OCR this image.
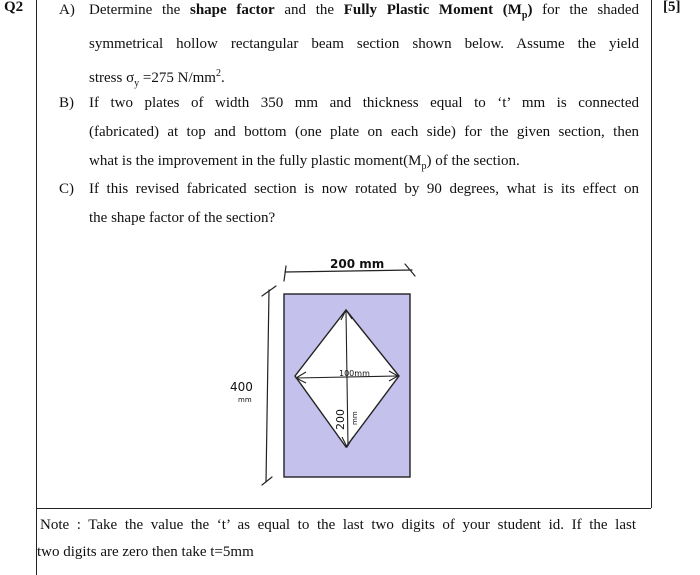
Q2	[5]
A) Determine the shape factor and the Fully Plastic Moment $(M_p)$ for the shaded
symmetrical hollow rectangular beam section shown below. Assume the yield
stress $\sigma_y =275$ $N/mm^2$.
B) If two plates of width 350 mm and thickness equal to ‘t’ mm is connected
(fabricated) at top and bottom (one plate on each side) for the given section, then
what is the improvement in the fully plastic $moment(M_p)$ of the section.
C) If this revised fabricated section is now rotated by 90 degrees, what is its effect on
the shape factor of the section?
200 mm
400
mm
100mm
200 mm
Note : Take the value the ‘t’ as equal to the last two digits of your student id. If the last
two digits are zero then take t=5mm
